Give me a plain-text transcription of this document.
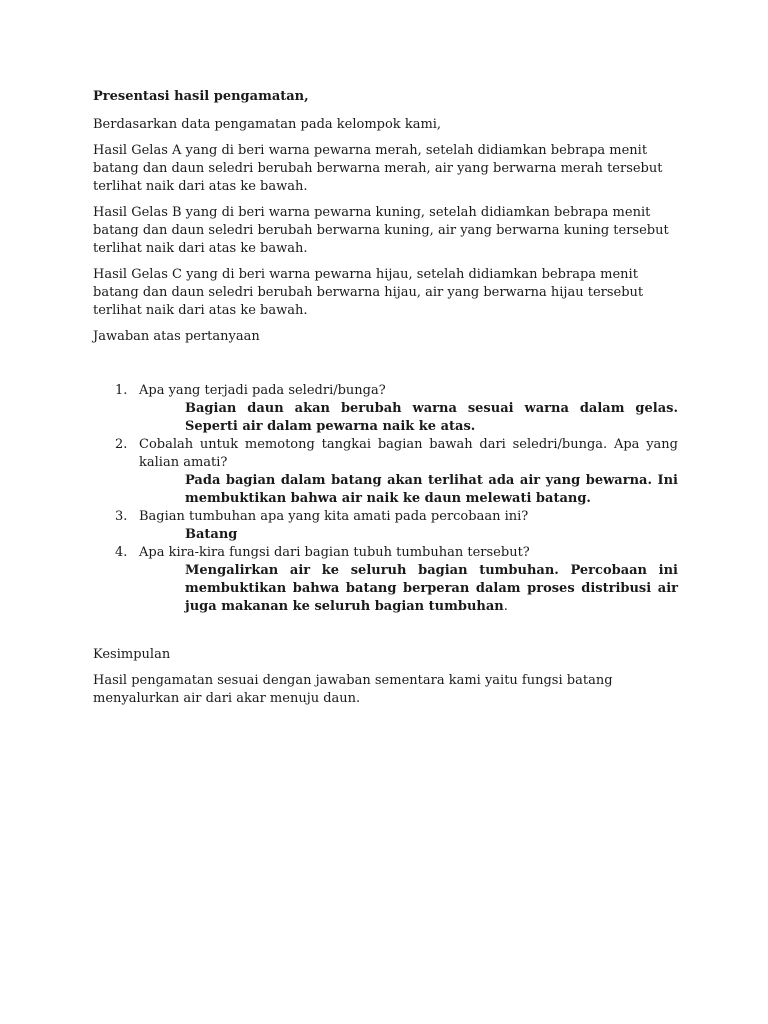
Presentasi hasil pengamatan,

Berdasarkan data pengamatan pada kelompok kami,

Hasil Gelas A yang di beri warna pewarna merah, setelah didiamkan bebrapa menit batang dan daun seledri berubah berwarna merah, air yang berwarna merah tersebut terlihat naik dari atas ke bawah.

Hasil Gelas B yang di beri warna pewarna kuning, setelah didiamkan bebrapa menit batang dan daun seledri berubah berwarna kuning, air yang berwarna kuning tersebut terlihat naik dari atas ke bawah.

Hasil Gelas C yang di beri warna pewarna hijau, setelah didiamkan bebrapa menit batang dan daun seledri berubah berwarna hijau, air yang berwarna hijau tersebut terlihat naik dari atas ke bawah.

Jawaban atas pertanyaan

1. Apa yang terjadi pada seledri/bunga?
Bagian daun akan berubah warna sesuai warna dalam gelas. Seperti air dalam pewarna naik ke atas.
2. Cobalah untuk memotong tangkai bagian bawah dari seledri/bunga. Apa yang kalian amati?
Pada bagian dalam batang akan terlihat ada air yang bewarna. Ini membuktikan bahwa air naik ke daun melewati batang.
3. Bagian tumbuhan apa yang kita amati pada percobaan ini?
Batang
4. Apa kira-kira fungsi dari bagian tubuh tumbuhan tersebut?
Mengalirkan air ke seluruh bagian tumbuhan. Percobaan ini membuktikan bahwa batang berperan dalam proses distribusi air juga makanan ke seluruh bagian tumbuhan.

Kesimpulan

Hasil pengamatan sesuai dengan jawaban sementara kami yaitu fungsi batang menyalurkan air dari akar menuju daun.
